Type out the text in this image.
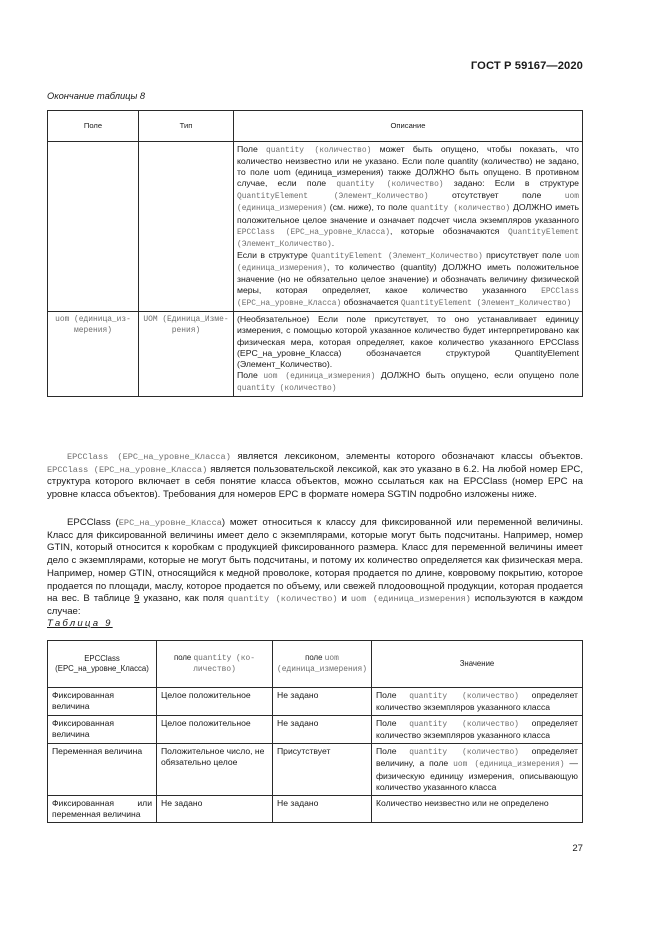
ГОСТ Р 59167—2020
Окончание таблицы 8
Поле	Тип	Описание
		Поле quantity (количество) может быть опущено, чтобы показать, что количество неизвестно или не указано. Если поле quantity (количество) не задано, то поле uom (единица_измерения) также ДОЛЖНО быть опущено. В противном случае, если поле quantity (количество) задано: Если в структуре QuantityElement (Элемент_Количество) отсутствует поле uom (единица_измерения) (см. ниже), то поле quantity (количество) ДОЛЖНО иметь положительное целое значение и означает подсчет числа экземпляров указанного EPCClass (EPC_на_уровне_Класса), которые обозначаются QuantityElement (Элемент_Количество).
Если в структуре QuantityElement (Элемент_Количество) присутствует поле uom (единица_измерения), то количество (quantity) ДОЛЖНО иметь положительное значение (но не обязательно целое значение) и обозначать величину физической меры, которая определяет, какое количество указанного EPCClass (EPC_на_уровне_Класса) обозначается QuantityElement (Элемент_Количество)
uom (единица_из-мерения)	UOM (Единица_Изме-рения)	(Необязательное) Если поле присутствует, то оно устанавливает единицу измерения, с помощью которой указанное количество будет интерпретировано как физическая мера, которая определяет, какое количество указанного EPCClass (EPC_на_уровне_Класса) обозначается структурой QuantityElement (Элемент_Количество).
Поле uom (единица_измерения) ДОЛЖНО быть опущено, если опущено поле quantity (количество)

EPCClass (EPC_на_уровне_Класса) является лексиконом, элементы которого обозначают классы объектов. EPCClass (EPC_на_уровне_Класса) является пользовательской лексикой, как это указано в 6.2. На любой номер EPC, структура которого включает в себя понятие класса объектов, можно ссылаться как на EPCClass (номер EPC на уровне класса объектов). Требования для номеров EPC в формате номера SGTIN подробно изложены ниже.

EPCClass (EPC_на_уровне_Класса) может относиться к классу для фиксированной или переменной величины. Класс для фиксированной величины имеет дело с экземплярами, которые могут быть подсчитаны. Например, номер GTIN, который относится к коробкам с продукцией фиксированного размера. Класс для переменной величины имеет дело с экземплярами, которые не могут быть подсчитаны, и потому их количество определяется как физическая мера. Например, номер GTIN, относящийся к медной проволоке, которая продается по длине, ковровому покрытию, которое продается по площади, маслу, которое продается по объему, или свежей плодоовощной продукции, которая продается на вес. В таблице 9 указано, как поля quantity (количество) и uom (единица_измерения) используются в каждом случае:

Таблица 9
EPCClass (EPC_на_уровне_Класса)	поле quantity (ко-личество)	поле uom (единица_измерения)	Значение
Фиксированная величина	Целое положительное	Не задано	Поле quantity (количество) определяет количество экземпляров указанного класса
Фиксированная величина	Целое положительное	Не задано	Поле quantity (количество) определяет количество экземпляров указанного класса
Переменная величина	Положительное число, не обязательно целое	Присутствует	Поле quantity (количество) определяет величину, а поле uom (единица_измерения) — физическую единицу измерения, описывающую количество указанного класса
Фиксированная или переменная величина	Не задано	Не задано	Количество неизвестно или не определено
27
